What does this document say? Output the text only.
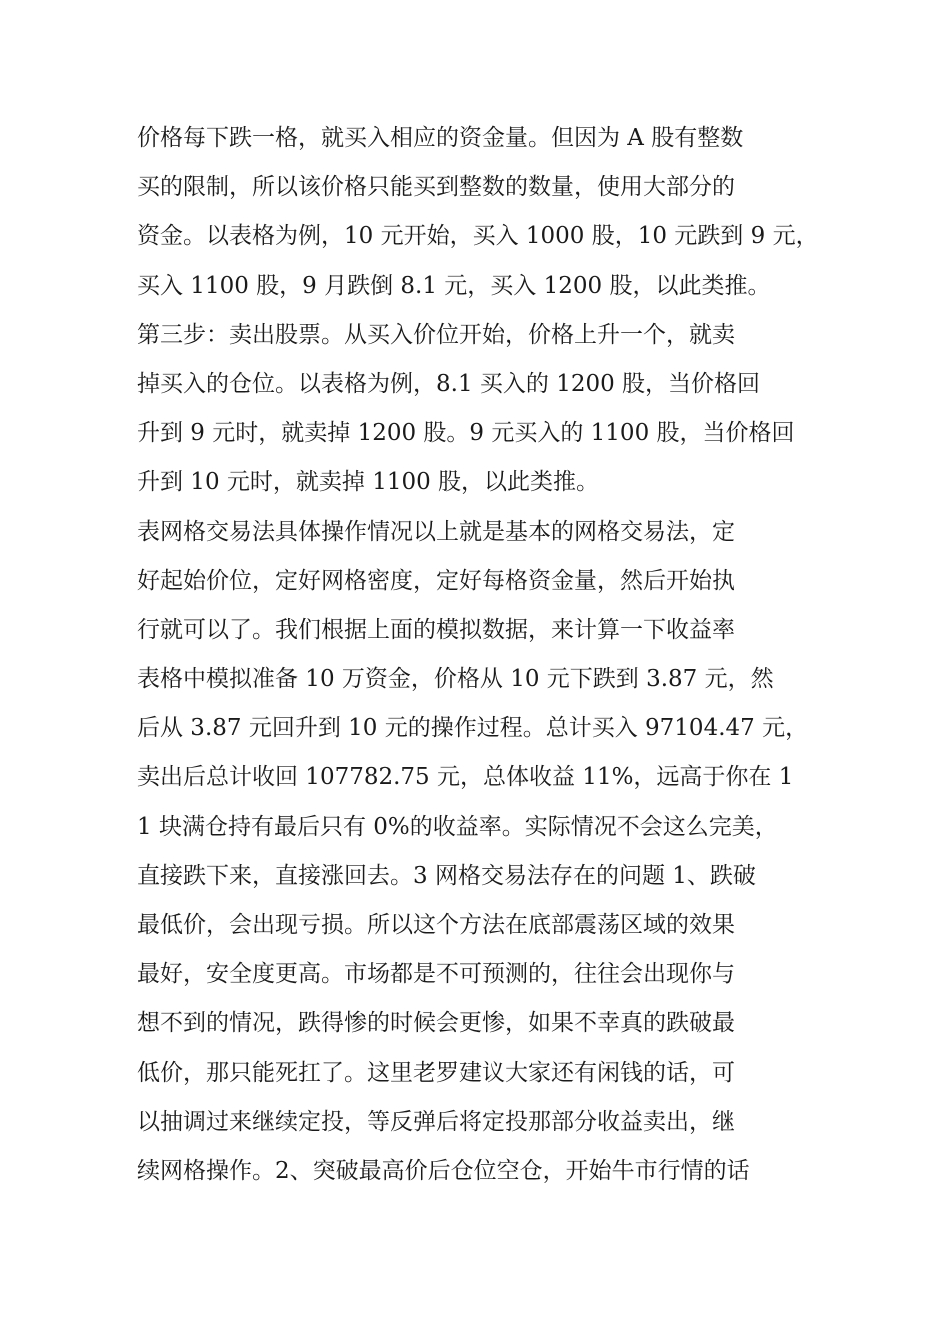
价格每下跌一格，就买入相应的资金量。但因为 A 股有整数
买的限制，所以该价格只能买到整数的数量，使用大部分的
资金。以表格为例，10 元开始，买入 1000 股，10 元跌到 9 元，
买入 1100 股，9 月跌倒 8.1 元，买入 1200 股，以此类推。
第三步：卖出股票。从买入价位开始，价格上升一个，就卖
掉买入的仓位。以表格为例，8.1 买入的 1200 股，当价格回
升到 9 元时，就卖掉 1200 股。9 元买入的 1100 股，当价格回
升到 10 元时，就卖掉 1100 股，以此类推。
表网格交易法具体操作情况以上就是基本的网格交易法，定
好起始价位，定好网格密度，定好每格资金量，然后开始执
行就可以了。我们根据上面的模拟数据，来计算一下收益率
表格中模拟准备 10 万资金，价格从 10 元下跌到 3.87 元，然
后从 3.87 元回升到 10 元的操作过程。总计买入 97104.47 元，
卖出后总计收回 107782.75 元，总体收益 11%，远高于你在 1
1 块满仓持有最后只有 0%的收益率。实际情况不会这么完美，
直接跌下来，直接涨回去。3 网格交易法存在的问题 1、跌破
最低价，会出现亏损。所以这个方法在底部震荡区域的效果
最好，安全度更高。市场都是不可预测的，往往会出现你与
想不到的情况，跌得惨的时候会更惨，如果不幸真的跌破最
低价，那只能死扛了。这里老罗建议大家还有闲钱的话，可
以抽调过来继续定投，等反弹后将定投那部分收益卖出，继
续网格操作。2、突破最高价后仓位空仓，开始牛市行情的话
